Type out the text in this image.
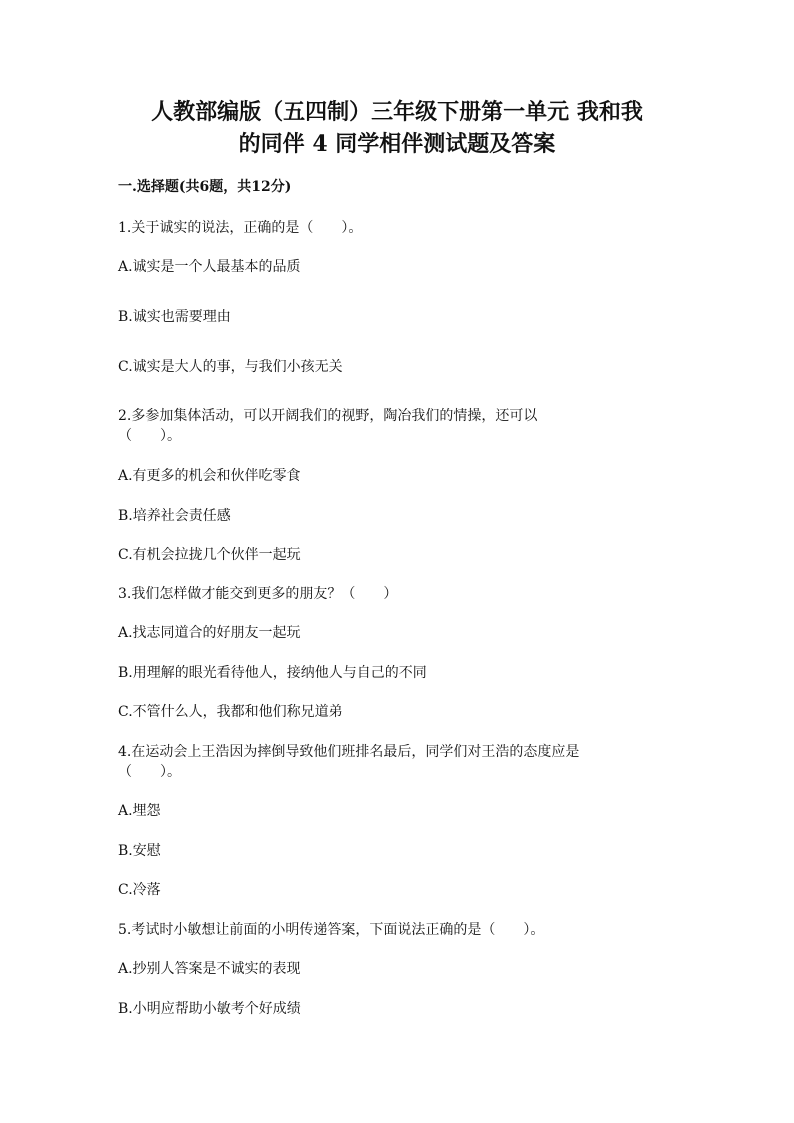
人教部编版（五四制）三年级下册第一单元 我和我
的同伴 4 同学相伴测试题及答案
一.选择题(共6题，共12分)
1.关于诚实的说法，正确的是（　　）。
A.诚实是一个人最基本的品质
B.诚实也需要理由
C.诚实是大人的事，与我们小孩无关
2.多参加集体活动，可以开阔我们的视野，陶冶我们的情操，还可以
（　　）。
A.有更多的机会和伙伴吃零食
B.培养社会责任感
C.有机会拉拢几个伙伴一起玩
3.我们怎样做才能交到更多的朋友？（　　）
A.找志同道合的好朋友一起玩
B.用理解的眼光看待他人，接纳他人与自己的不同
C.不管什么人，我都和他们称兄道弟
4.在运动会上王浩因为摔倒导致他们班排名最后，同学们对王浩的态度应是
（　　）。
A.埋怨
B.安慰
C.冷落
5.考试时小敏想让前面的小明传递答案，下面说法正确的是（　　）。
A.抄别人答案是不诚实的表现
B.小明应帮助小敏考个好成绩
